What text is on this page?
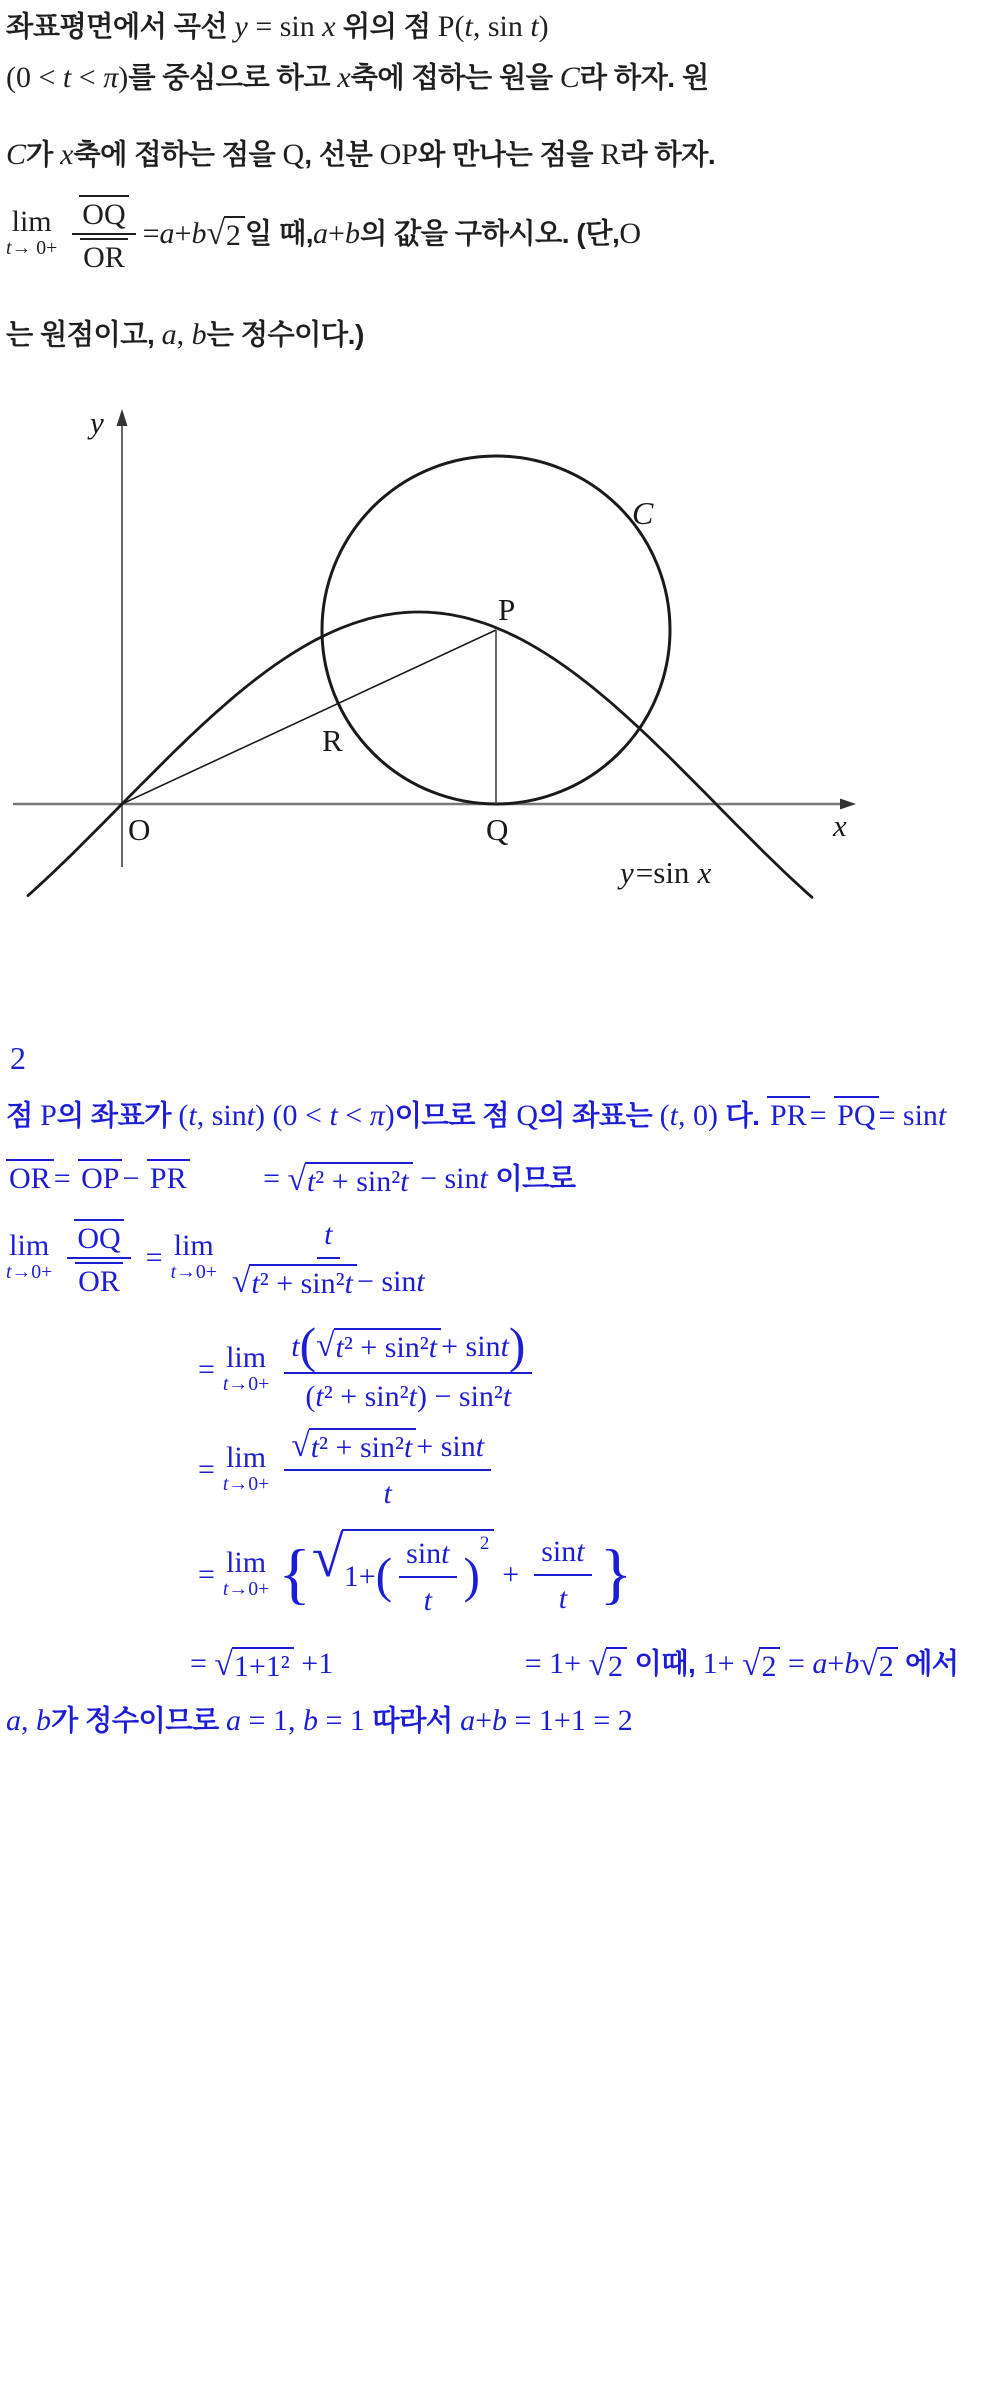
좌표평면에서 곡선 y = sin x 위의 점 P(t, sin t) (0 < t < π)를 중심으로 하고 x축에 접하는 원을 C라 하자. 원 C가 x축에 접하는 점을 Q, 선분 OP와 만나는 점을 R라 하자.
lim
$t \to 0+ \frac{OQ}{OR} = a + b$ √ 2 일 때, a + b 의 값을 구하시오. (단, O
는 원점이고, a, b는 정수이다.)
y
x
O
P
Q
R
C
y=sin x
2
점 P의 좌표가 (t, sint) (0 < t < π)이므로 점 Q의 좌표는 (t, 0) 다. PR = PQ = sint OR = OP − PR	= √ t² + sin²t − sint 이므로
lim
$t \to 0+ \frac{OQ}{OR} = \lim$
$t \to 0+ \frac{t}{\text{√ t² + sin²t − sin t}}$
= lim
$t \to 0+ \frac{\text{t ( √ t² + sin²t + sin t )}}{\text{( t ² + sin² t ) − sin² t}}$
= lim
$t \to 0+ \frac{\text{√ t² + sin²t + sin t}}{t}$
= lim
t →0+ { √ 1+ ( $\frac{\text{sin t}}{t}$ )
2
+ $\frac{\text{sin t}}{t}$ }
= √ 1+1² +1	= 1+ √ 2 이때, 1+ √ 2 = a+b √ 2 에서 a, b가 정수이므로 a = 1, b = 1 따라서 a+b = 1+1 = 2
